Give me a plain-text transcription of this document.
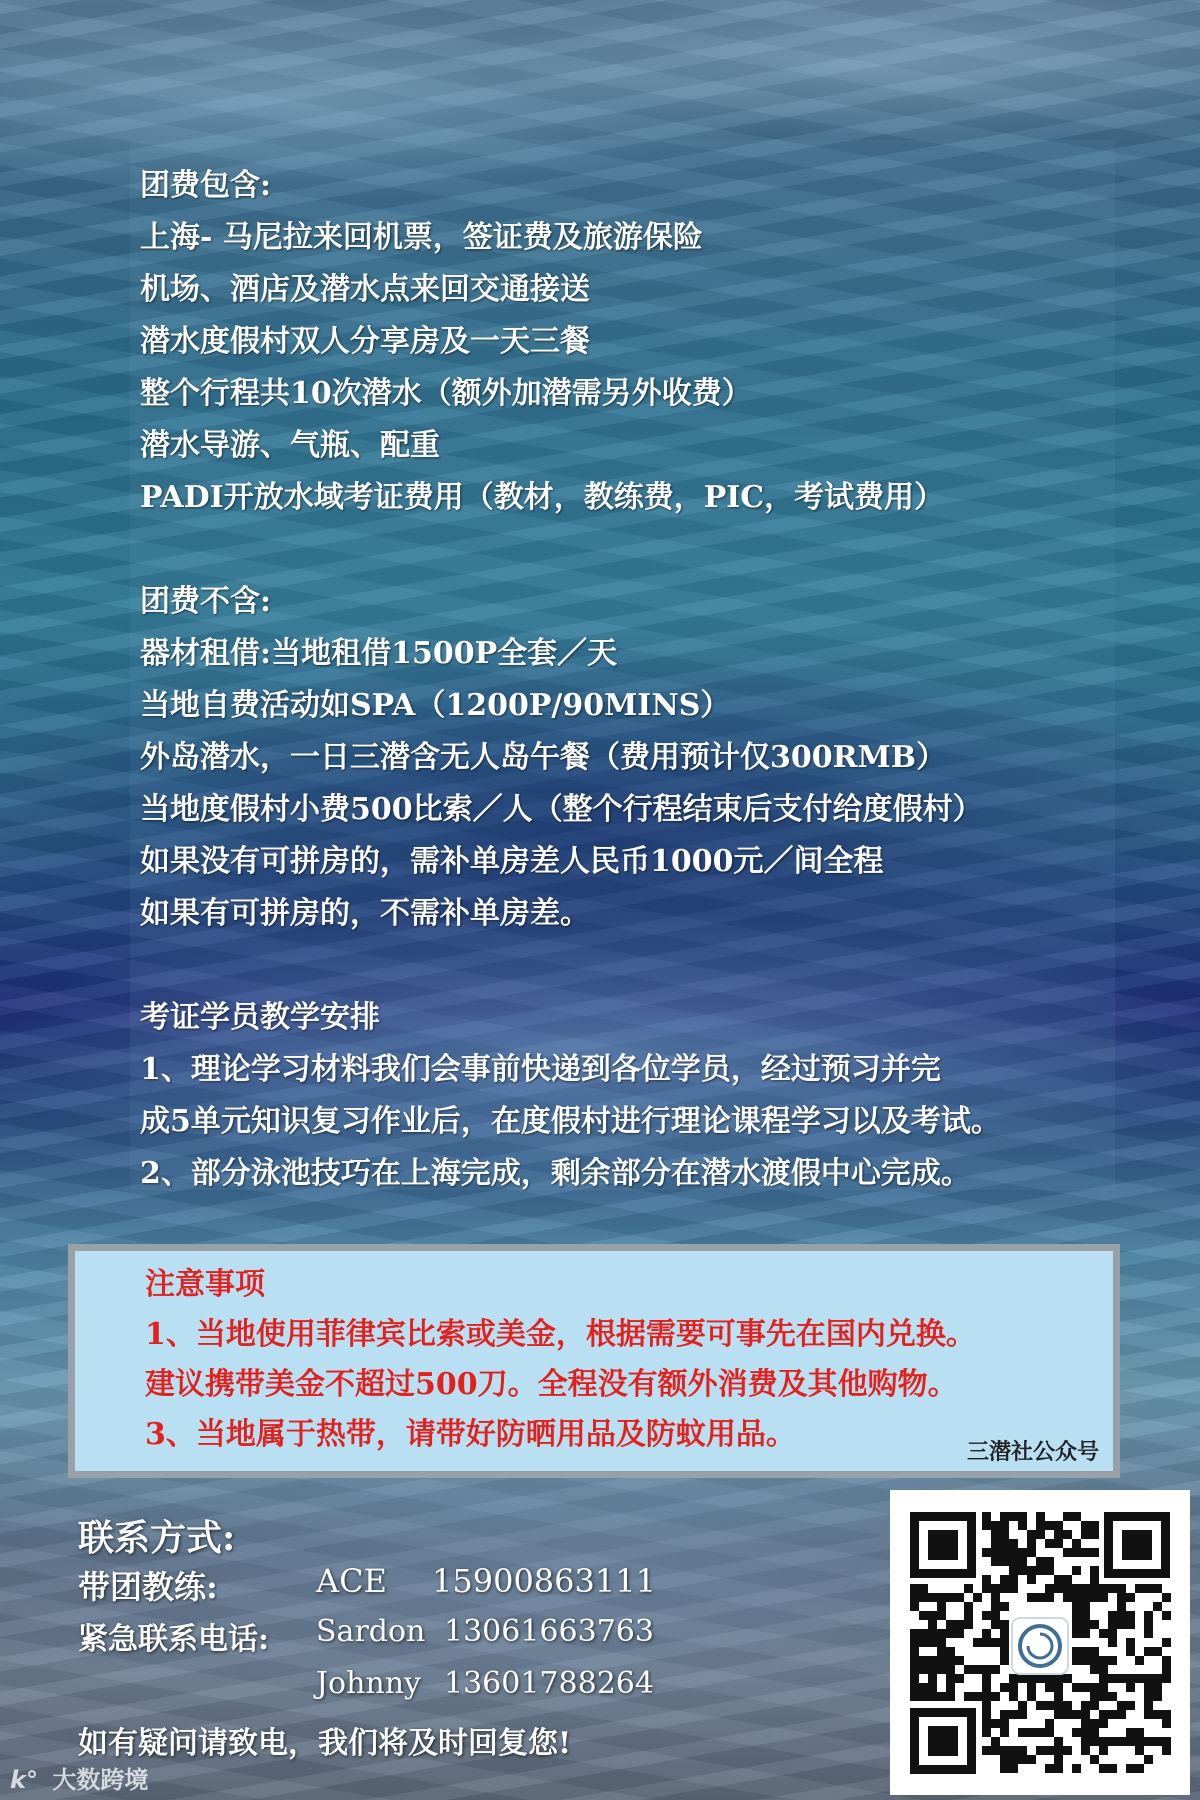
团费包含:
上海- 马尼拉来回机票，签证费及旅游保险
机场、酒店及潜水点来回交通接送
潜水度假村双人分享房及一天三餐
整个行程共10次潜水（额外加潜需另外收费）
潜水导游、气瓶、配重
PADI开放水域考证费用（教材，教练费，PIC，考试费用）
团费不含:
器材租借:当地租借1500P全套／天
当地自费活动如SPA（1200P/90MINS）
外岛潜水，一日三潜含无人岛午餐（费用预计仅300RMB）
当地度假村小费500比索／人（整个行程结束后支付给度假村）
如果没有可拼房的，需补单房差人民币1000元／间全程
如果有可拼房的，不需补单房差。
考证学员教学安排
1、理论学习材料我们会事前快递到各位学员，经过预习并完
成5单元知识复习作业后，在度假村进行理论课程学习以及考试。
2、部分泳池技巧在上海完成，剩余部分在潜水渡假中心完成。
注意事项
1、当地使用菲律宾比索或美金，根据需要可事先在国内兑换。
建议携带美金不超过500刀。全程没有额外消费及其他购物。
3、当地属于热带，请带好防晒用品及防蚊用品。	三潜社公众号
联系方式:
带团教练:	ACE 15900863111
紧急联系电话: Sardon 13061663763
Johnny 13601788264
如有疑问请致电，我们将及时回复您!
k° 大数跨境
